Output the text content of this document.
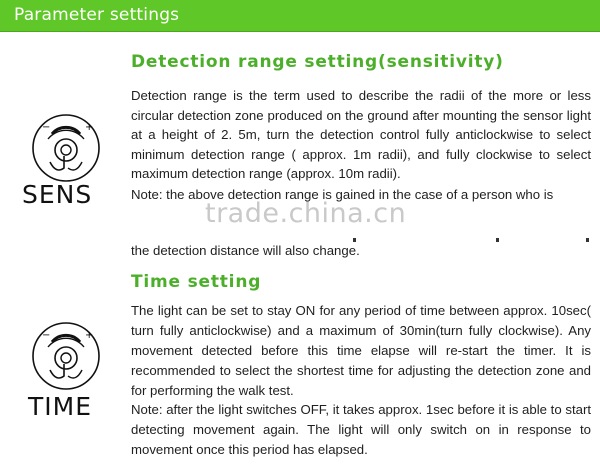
Parameter settings
−	+
SENS
Detection range setting(sensitivity)
Detection range is the term used to describe the radii of the more or less circular detection zone produced on the ground after mounting the sensor light at a height of 2. 5m, turn the detection control fully anticlockwise to select minimum detection range ( approx. 1m radii), and fully clockwise to select maximum detection range (approx. 10m radii).
Note: the above detection range is gained in the case of a person who is
trade.china.cn
the detection distance will also change.
−	+
TIME
Time setting
The light can be set to stay ON for any period of time between approx. 10sec( turn fully anticlockwise) and a maximum of 30min(turn fully clockwise). Any movement detected before this time elapse will re-start the timer. It is recommended to select the shortest time for adjusting the detection zone and for performing the walk test.
Note: after the light switches OFF, it takes approx. 1sec before it is able to start detecting movement again. The light will only switch on in response to movement once this period has elapsed.
